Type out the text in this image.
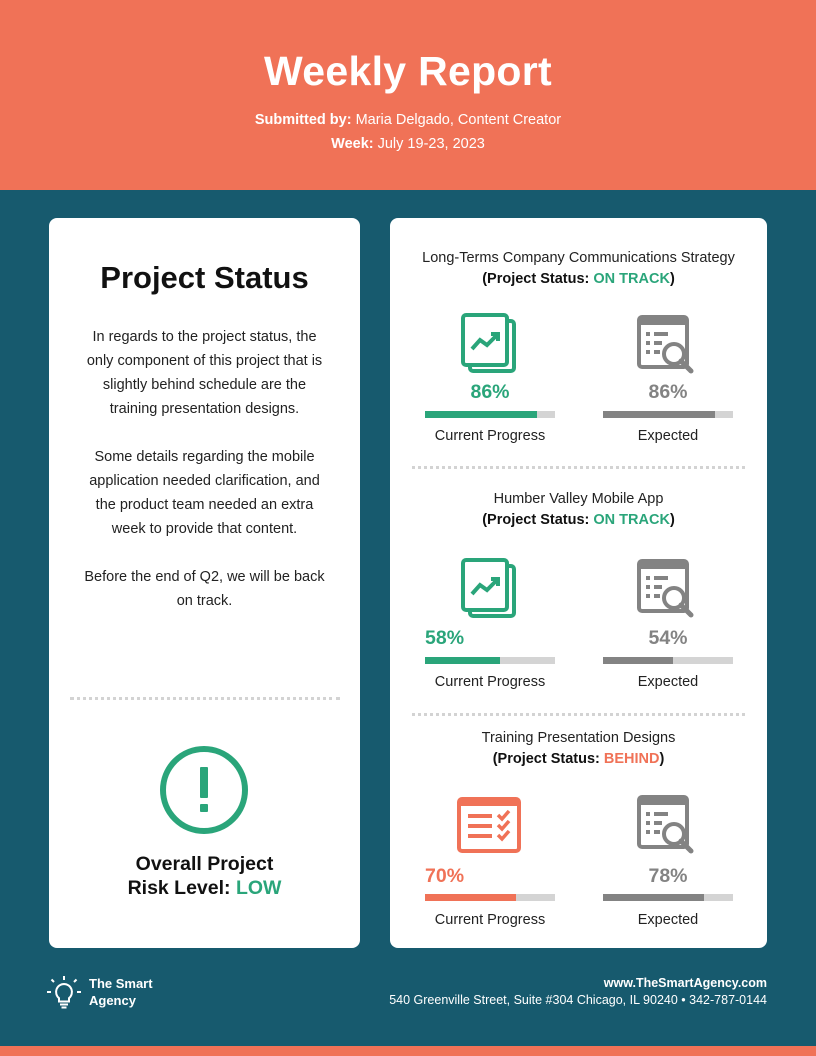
Weekly Report
Submitted by: Maria Delgado, Content Creator
Week: July 19-23, 2023
Project Status
In regards to the project status, the only component of this project that is slightly behind schedule are the training presentation designs.
Some details regarding the mobile application needed clarification, and the product team needed an extra week to provide that content.
Before the end of Q2, we will be back on track.
Overall Project
Risk Level: LOW
Long-Terms Company Communications Strategy
(Project Status: ON TRACK)
86%
Current Progress
86%
Expected
Humber Valley Mobile App
(Project Status: ON TRACK)
58%
Current Progress
54%
Expected
Training Presentation Designs
(Project Status: BEHIND)
70%
Current Progress
78%
Expected
The Smart
Agency
www.TheSmartAgency.com
540 Greenville Street, Suite #304 Chicago, IL 90240 • 342-787-0144
